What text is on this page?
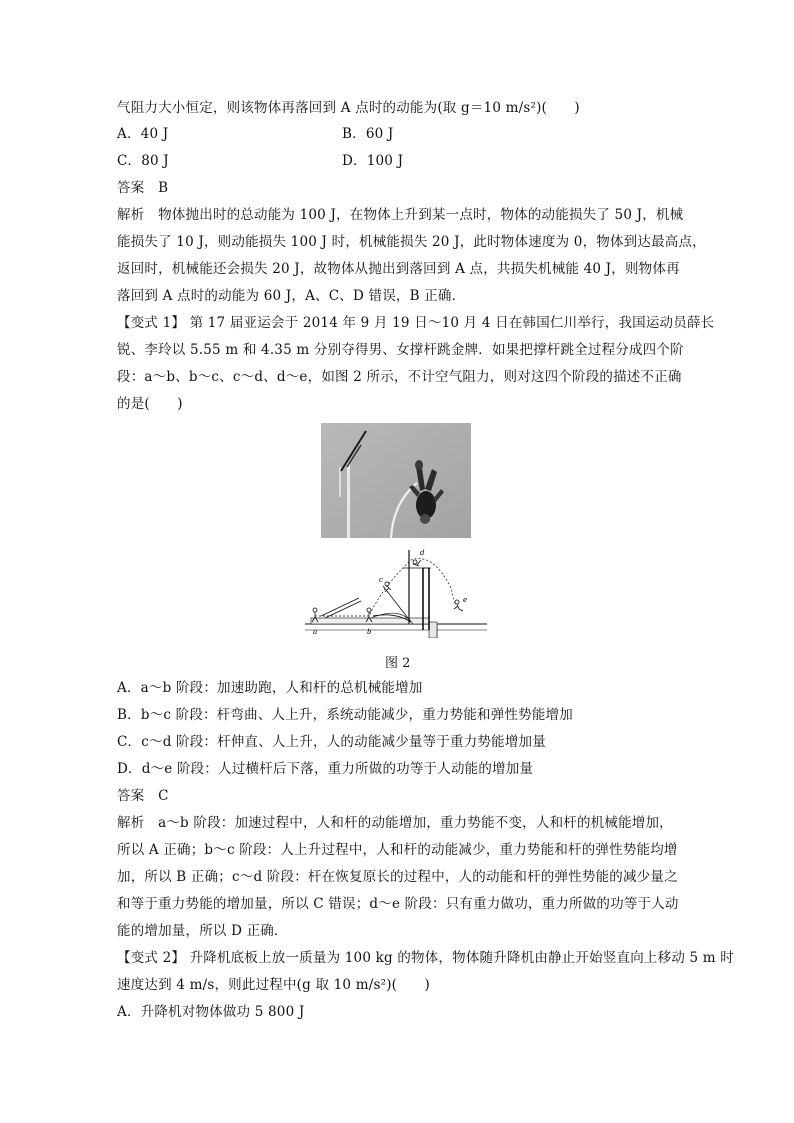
气阻力大小恒定，则该物体再落回到 A 点时的动能为(取 g＝10 m/s²)(　　)
A．40 J	B．60 J
C．80 J	D．100 J
答案　B
解析　物体抛出时的总动能为 100 J，在物体上升到某一点时，物体的动能损失了 50 J，机械
能损失了 10 J，则动能损失 100 J 时，机械能损失 20 J，此时物体速度为 0，物体到达最高点，
返回时，机械能还会损失 20 J，故物体从抛出到落回到 A 点，共损失机械能 40 J，则物体再
落回到 A 点时的动能为 60 J，A、C、D 错误，B 正确．
【变式 1】 第 17 届亚运会于 2014 年 9 月 19 日～10 月 4 日在韩国仁川举行，我国运动员薛长
锐、李玲以 5.55 m 和 4.35 m 分别夺得男、女撑杆跳金牌．如果把撑杆跳全过程分成四个阶
段：a～b、b～c、c～d、d～e，如图 2 所示，不计空气阻力，则对这四个阶段的描述不正确
的是(　　)
a	b
c
d
e
图 2
A．a～b 阶段：加速助跑，人和杆的总机械能增加
B．b～c 阶段：杆弯曲、人上升，系统动能减少，重力势能和弹性势能增加
C．c～d 阶段：杆伸直、人上升，人的动能减少量等于重力势能增加量
D．d～e 阶段：人过横杆后下落，重力所做的功等于人动能的增加量
答案　C
解析　a～b 阶段：加速过程中，人和杆的动能增加，重力势能不变，人和杆的机械能增加，
所以 A 正确；b～c 阶段：人上升过程中，人和杆的动能减少，重力势能和杆的弹性势能均增
加，所以 B 正确；c～d 阶段：杆在恢复原长的过程中，人的动能和杆的弹性势能的减少量之
和等于重力势能的增加量，所以 C 错误；d～e 阶段：只有重力做功，重力所做的功等于人动
能的增加量，所以 D 正确．
【变式 2】 升降机底板上放一质量为 100 kg 的物体，物体随升降机由静止开始竖直向上移动 5 m 时
速度达到 4 m/s，则此过程中(g 取 10 m/s²)(　　)
A．升降机对物体做功 5 800 J
